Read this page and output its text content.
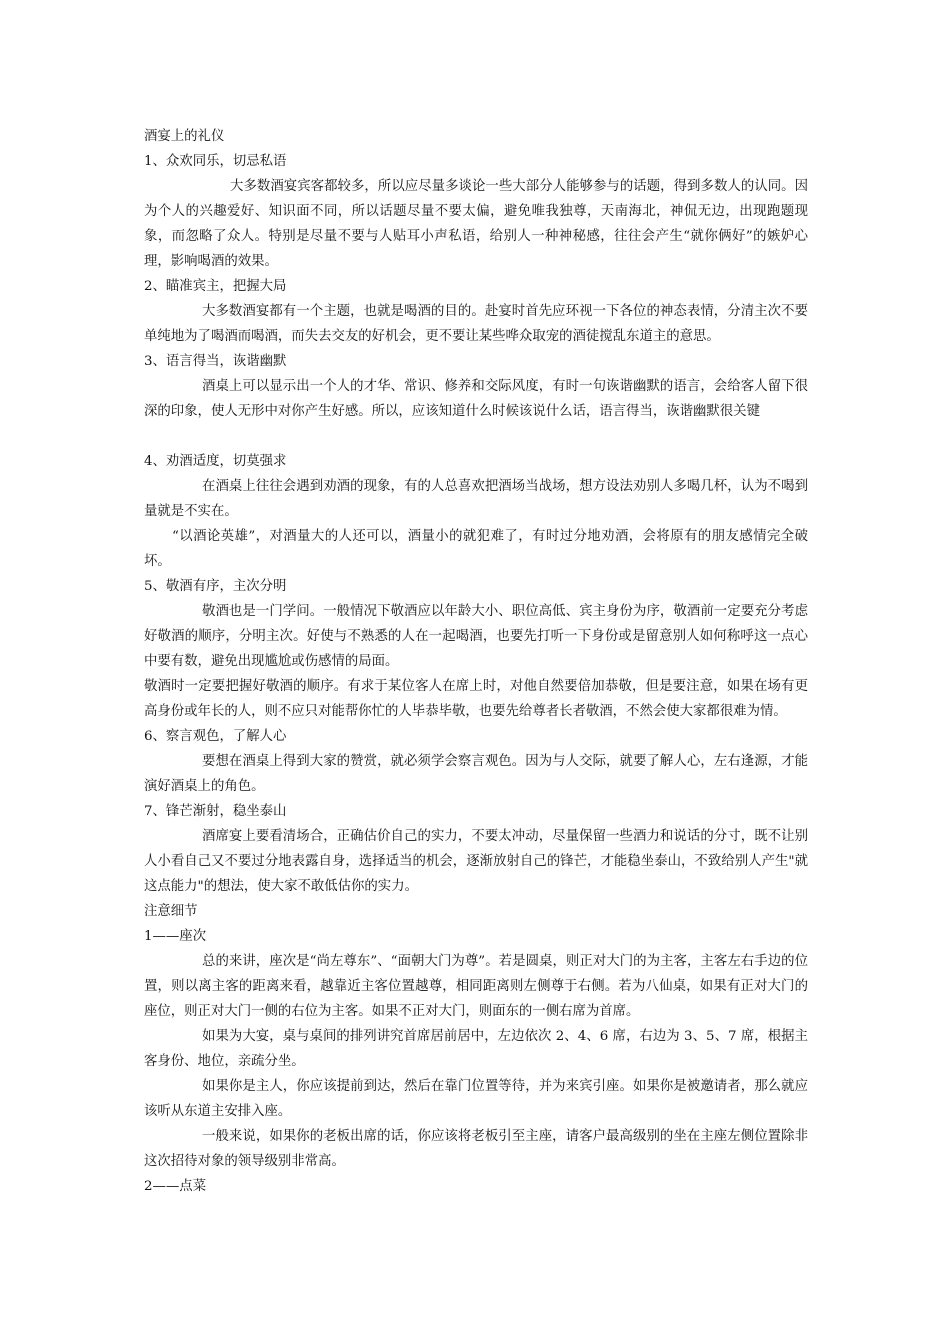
酒宴上的礼仪
1、众欢同乐，切忌私语

大多数酒宴宾客都较多，所以应尽量多谈论一些大部分人能够参与的话题，得到多数人的认同。因为个人的兴趣爱好、知识面不同，所以话题尽量不要太偏，避免唯我独尊，天南海北，神侃无边，出现跑题现象，而忽略了众人。特别是尽量不要与人贴耳小声私语，给别人一种神秘感，往往会产生“就你俩好”的嫉妒心理，影响喝酒的效果。

2、瞄准宾主，把握大局

大多数酒宴都有一个主题，也就是喝酒的目的。赴宴时首先应环视一下各位的神态表情，分清主次不要单纯地为了喝酒而喝酒，而失去交友的好机会，更不要让某些哗众取宠的酒徒搅乱东道主的意思。

3、语言得当，诙谐幽默

酒桌上可以显示出一个人的才华、常识、修养和交际风度，有时一句诙谐幽默的语言，会给客人留下很深的印象，使人无形中对你产生好感。所以，应该知道什么时候该说什么话，语言得当，诙谐幽默很关键

4、劝酒适度，切莫强求

在酒桌上往往会遇到劝酒的现象，有的人总喜欢把酒场当战场，想方设法劝别人多喝几杯，认为不喝到量就是不实在。

“以酒论英雄”，对酒量大的人还可以，酒量小的就犯难了，有时过分地劝酒，会将原有的朋友感情完全破坏。

5、敬酒有序，主次分明

敬酒也是一门学问。一般情况下敬酒应以年龄大小、职位高低、宾主身份为序，敬酒前一定要充分考虑好敬酒的顺序，分明主次。好使与不熟悉的人在一起喝酒，也要先打听一下身份或是留意别人如何称呼这一点心中要有数，避免出现尴尬或伤感情的局面。

敬酒时一定要把握好敬酒的顺序。有求于某位客人在席上时，对他自然要倍加恭敬，但是要注意，如果在场有更高身份或年长的人，则不应只对能帮你忙的人毕恭毕敬，也要先给尊者长者敬酒，不然会使大家都很难为情。

6、察言观色，了解人心

要想在酒桌上得到大家的赞赏，就必须学会察言观色。因为与人交际，就要了解人心，左右逢源，才能演好酒桌上的角色。

7、锋芒渐射，稳坐泰山

酒席宴上要看清场合，正确估价自己的实力，不要太冲动，尽量保留一些酒力和说话的分寸，既不让别人小看自己又不要过分地表露自身，选择适当的机会，逐渐放射自己的锋芒，才能稳坐泰山，不致给别人产生"就这点能力"的想法，使大家不敢低估你的实力。

注意细节
1——座次

总的来讲，座次是“尚左尊东”、“面朝大门为尊”。若是圆桌，则正对大门的为主客，主客左右手边的位置，则以离主客的距离来看，越靠近主客位置越尊，相同距离则左侧尊于右侧。若为八仙桌，如果有正对大门的座位，则正对大门一侧的右位为主客。如果不正对大门，则面东的一侧右席为首席。

如果为大宴，桌与桌间的排列讲究首席居前居中，左边依次 2、4、6 席，右边为 3、5、7 席，根据主客身份、地位，亲疏分坐。

如果你是主人，你应该提前到达，然后在靠门位置等待，并为来宾引座。如果你是被邀请者，那么就应该听从东道主安排入座。

一般来说，如果你的老板出席的话，你应该将老板引至主座，请客户最高级别的坐在主座左侧位置除非这次招待对象的领导级别非常高。

2——点菜
